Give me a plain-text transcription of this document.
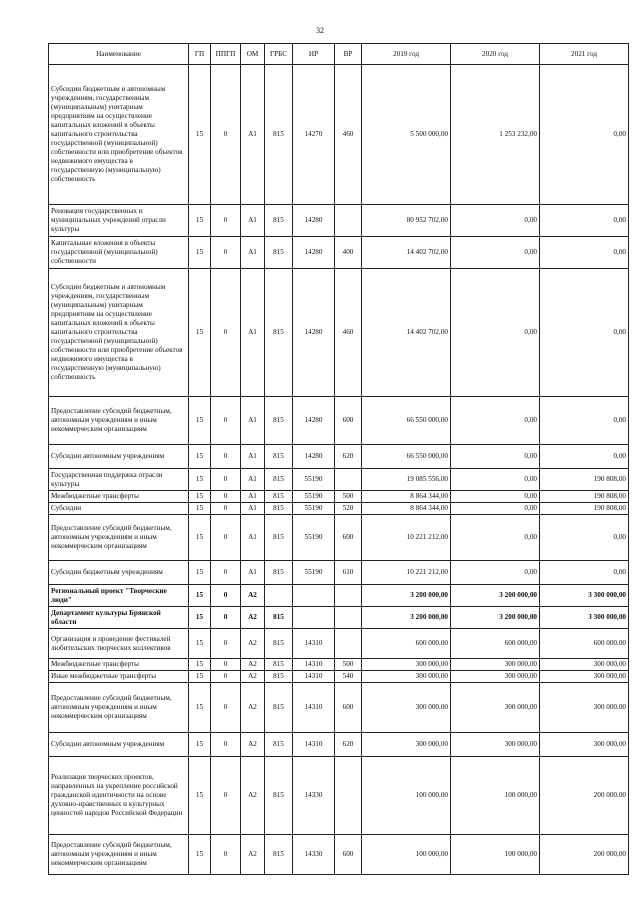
32
Наименование	ГП	ППГП	ОМ	ГРБС	НР	ВР	2019 год	2020 год	2021 год
Субсидии бюджетным и автономным учреждениям, государственным (муниципальным) унитарным предприятиям на осуществление капитальных вложений в объекты капитального строительства государственной (муниципальной) собственности или приобретение объектов недвижимого имущества в государственную (муниципальную) собственность	15	0	А1	815	14270	460	5 500 000,00	1 253 232,00	0,00
Реновация государственных и муниципальных учреждений отрасли культуры	15	0	А1	815	14280		80 952 702,00	0,00	0,00
Капитальные вложения в объекты государственной (муниципальной) собственности	15	0	А1	815	14280	400	14 402 702,00	0,00	0,00
Субсидии бюджетным и автономным учреждениям, государственным (муниципальным) унитарным предприятиям на осуществление капитальных вложений в объекты капитального строительства государственной (муниципальной) собственности или приобретение объектов недвижимого имущества в государственную (муниципальную) собственность	15	0	А1	815	14280	460	14 402 702,00	0,00	0,00
Предоставление субсидий бюджетным, автономным учреждениям и иным некоммерческим организациям	15	0	А1	815	14280	600	66 550 000,00	0,00	0,00
Субсидии автономным учреждениям	15	0	А1	815	14280	620	66 550 000,00	0,00	0,00
Государственная поддержка отрасли культуры	15	0	А1	815	55190		19 085 556,00	0,00	190 808,00
Межбюджетные трансферты	15	0	А1	815	55190	500	8 864 344,00	0,00	190 808,00
Субсидии	15	0	А1	815	55190	520	8 864 344,00	0,00	190 808,00
Предоставление субсидий бюджетным, автономным учреждениям и иным некоммерческим организациям	15	0	А1	815	55190	600	10 221 212,00	0,00	0,00
Субсидии бюджетным учреждениям	15	0	А1	815	55190	610	10 221 212,00	0,00	0,00
Региональный проект "Творческие люди"	15	0	А2				3 200 000,00	3 200 000,00	3 300 000,00
Департамент культуры Брянской области	15	0	А2	815			3 200 000,00	3 200 000,00	3 300 000,00
Организация и проведение фестивалей любительских творческих коллективов	15	0	А2	815	14310		600 000,00	600 000,00	600 000,00
Межбюджетные трансферты	15	0	А2	815	14310	500	300 000,00	300 000,00	300 000,00
Иные межбюджетные трансферты	15	0	А2	815	14310	540	300 000,00	300 000,00	300 000,00
Предоставление субсидий бюджетным, автономным учреждениям и иным некоммерческим организациям	15	0	А2	815	14310	600	300 000,00	300 000,00	300 000,00
Субсидии автономным учреждениям	15	0	А2	815	14310	620	300 000,00	300 000,00	300 000,00
Реализация творческих проектов, направленных на укрепление российской гражданской идентичности на основе духовно-нравственных и культурных ценностей народов Российской Федерации	15	0	А2	815	14330		100 000,00	100 000,00	200 000,00
Предоставление субсидий бюджетным, автономным учреждениям и иным некоммерческим организациям	15	0	А2	815	14330	600	100 000,00	100 000,00	200 000,00
